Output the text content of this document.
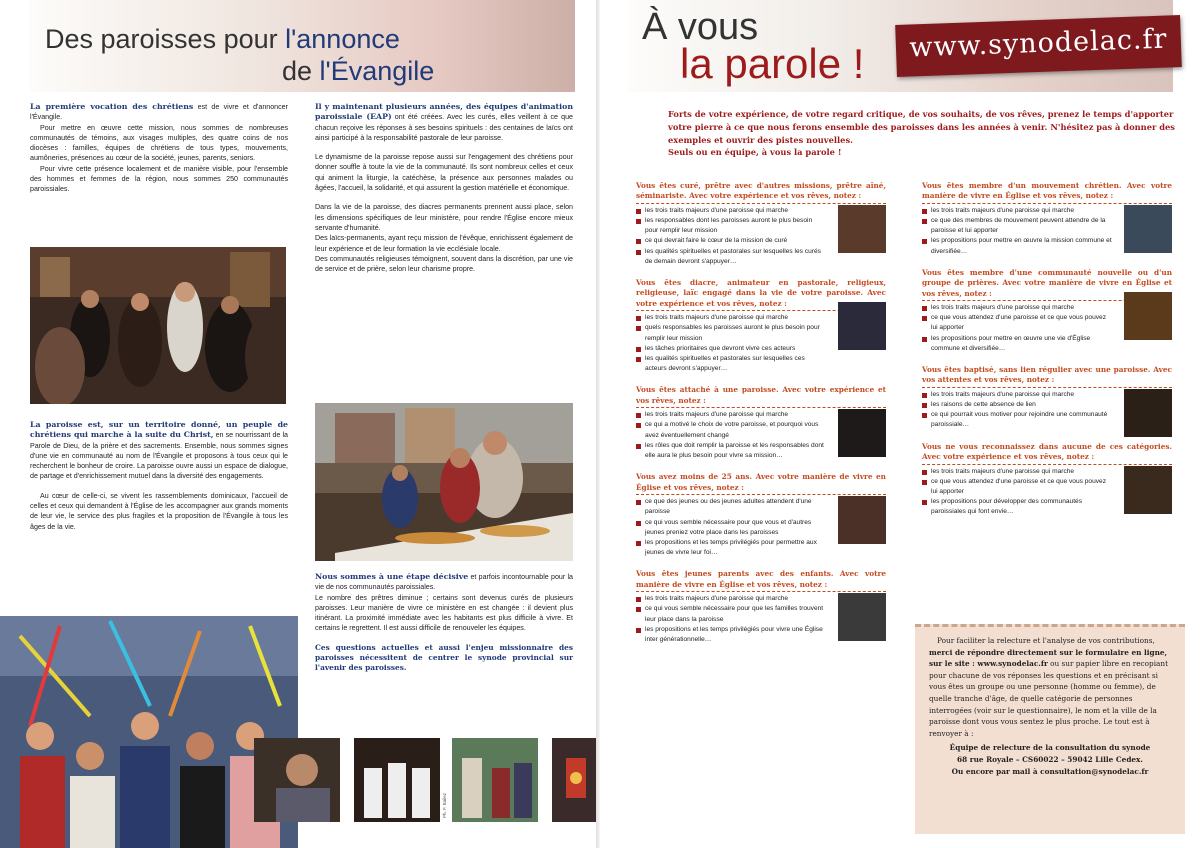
Des paroisses pour l'annonce
de l'Évangile

La première vocation des chrétiens est de vivre et d'annoncer l'Évangile.

Pour mettre en œuvre cette mission, nous sommes de nombreuses communautés de témoins, aux visages multiples, des quatre coins de nos diocèses : familles, équipes de chrétiens de tous types, mouvements, aumôneries, présences au cœur de la société, jeunes, parents, seniors.
Pour vivre cette présence localement et de manière visible, pour l'ensemble des hommes et femmes de la région, nous sommes 250 communautés paroissiales.

La paroisse est, sur un territoire donné, un peuple de chrétiens qui marche à la suite du Christ, en se nourrissant de la Parole de Dieu, de la prière et des sacrements. Ensemble, nous sommes signes d'une vie en communauté au nom de l'Évangile et proposons à tous ceux qui le recherchent le bonheur de croire. La paroisse ouvre aussi un espace de dialogue, de partage et d'enrichissement mutuel dans la diversité des engagements.

Au cœur de celle-ci, se vivent les rassemblements dominicaux, l'accueil de celles et ceux qui demandent à l'Église de les accompagner aux grands moments de leur vie, le service des plus fragiles et la proposition de l'Évangile à tous les âges de la vie.

Il y maintenant plusieurs années, des équipes d'animation paroissiale (EAP) ont été créées. Avec les curés, elles veillent à ce que chacun reçoive les réponses à ses besoins spirituels : des centaines de laïcs ont ainsi participé à la responsabilité pastorale de leur paroisse.

Le dynamisme de la paroisse repose aussi sur l'engagement des chrétiens pour donner souffle à toute la vie de la communauté. Ils sont nombreux celles et ceux qui animent la liturgie, la catéchèse, la présence aux personnes malades ou âgées, l'accueil, la solidarité, et qui assurent la gestion matérielle et économique.

Dans la vie de la paroisse, des diacres permanents prennent aussi place, selon les dimensions spécifiques de leur ministère, pour rendre l'Église encore mieux servante d'humanité.

Des laïcs-permanents, ayant reçu mission de l'évêque, enrichissent également de leur expérience et de leur formation la vie ecclésiale locale.

Des communautés religieuses témoignent, souvent dans la discrétion, par une vie de service et de prière, selon leur charisme propre.

Nous sommes à une étape décisive et parfois incontournable pour la vie de nos communautés paroissiales.

Le nombre des prêtres diminue ; certains sont devenus curés de plusieurs paroisses. Leur manière de vivre ce ministère en est changée : il devient plus itinérant. La proximité immédiate avec les habitants est plus difficile à vivre. Et certains le regrettent. Il est aussi difficile de renouveler les équipes.

Ces questions actuelles et aussi l'enjeu missionnaire des paroisses nécessitent de centrer le synode provincial sur l'avenir des paroisses.

Ph. F. Bailez
À vous
la parole !	www.synodelac.fr
Forts de votre expérience, de votre regard critique, de vos souhaits, de vos rêves, prenez le temps d'apporter votre pierre à ce que nous ferons ensemble des paroisses dans les années à venir. N'hésitez pas à donner des exemples et ouvrir des pistes nouvelles.
Seuls ou en équipe, à vous la parole !
Vous êtes curé, prêtre avec d'autres missions, prêtre aîné, séminariste. Avec votre expérience et vos rêves, notez :
les trois traits majeurs d'une paroisse qui marche
les responsables dont les paroisses auront le plus besoin pour remplir leur mission
ce qui devrait faire le cœur de la mission de curé
les qualités spirituelles et pastorales sur lesquelles les curés de demain devront s'appuyer…
Vous êtes diacre, animateur en pastorale, religieux, religieuse, laïc engagé dans la vie de votre paroisse. Avec votre expérience et vos rêves, notez :
les trois traits majeurs d'une paroisse qui marche
quels responsables les paroisses auront le plus besoin pour remplir leur mission
les tâches prioritaires que devront vivre ces acteurs
les qualités spirituelles et pastorales sur lesquelles ces acteurs devront s'appuyer…
Vous êtes attaché à une paroisse. Avec votre expérience et vos rêves, notez :
les trois traits majeurs d'une paroisse qui marche
ce qui a motivé le choix de votre paroisse, et pourquoi vous avez éventuellement changé
les rôles que doit remplir la paroisse et les responsables dont elle aura le plus besoin pour vivre sa mission…
Vous avez moins de 25 ans. Avec votre manière de vivre en Église et vos rêves, notez :
ce que des jeunes ou des jeunes adultes attendent d'une paroisse
ce qui vous semble nécessaire pour que vous et d'autres jeunes preniez votre place dans les paroisses
les propositions et les temps privilégiés pour permettre aux jeunes de vivre leur foi…
Vous êtes jeunes parents avec des enfants. Avec votre manière de vivre en Église et vos rêves, notez :
les trois traits majeurs d'une paroisse qui marche
ce qui vous semble nécessaire pour que les familles trouvent leur place dans la paroisse
les propositions et les temps privilégiés pour vivre une Église inter générationnelle…
Vous êtes membre d'un mouvement chrétien. Avec votre manière de vivre en Église et vos rêves, notez :
les trois traits majeurs d'une paroisse qui marche
ce que des membres de mouvement peuvent attendre de la paroisse et lui apporter
les propositions pour mettre en œuvre la mission commune et diversifiée…
Vous êtes membre d'une communauté nouvelle ou d'un groupe de prières. Avec votre manière de vivre en Église et vos rêves, notez :
les trois traits majeurs d'une paroisse qui marche
ce que vous attendez d'une paroisse et ce que vous pouvez lui apporter
les propositions pour mettre en œuvre une vie d'Église commune et diversifiée…
Vous êtes baptisé, sans lien régulier avec une paroisse. Avec vos attentes et vos rêves, notez :
les trois traits majeurs d'une paroisse qui marche
les raisons de cette absence de lien
ce qui pourrait vous motiver pour rejoindre une communauté paroissiale…
Vous ne vous reconnaissez dans aucune de ces catégories. Avec votre expérience et vos rêves, notez :
les trois traits majeurs d'une paroisse qui marche
ce que vous attendez d'une paroisse et ce que vous pouvez lui apporter
les propositions pour développer des communautés paroissiales qui font envie…
Pour faciliter la relecture et l'analyse de vos contributions, merci de répondre directement sur le formulaire en ligne, sur le site : www.synodelac.fr ou sur papier libre en recopiant pour chacune de vos réponses les questions et en précisant si vous êtes un groupe ou une personne (homme ou femme), de quelle tranche d'âge, de quelle catégorie de personnes interrogées (voir sur le questionnaire), le nom et la ville de la paroisse dont vous vous sentez le plus proche. Le tout est à renvoyer à :
Équipe de relecture de la consultation du synode
68 rue Royale – CS60022 – 59042 Lille Cedex.
Ou encore par mail à consultation@synodelac.fr
